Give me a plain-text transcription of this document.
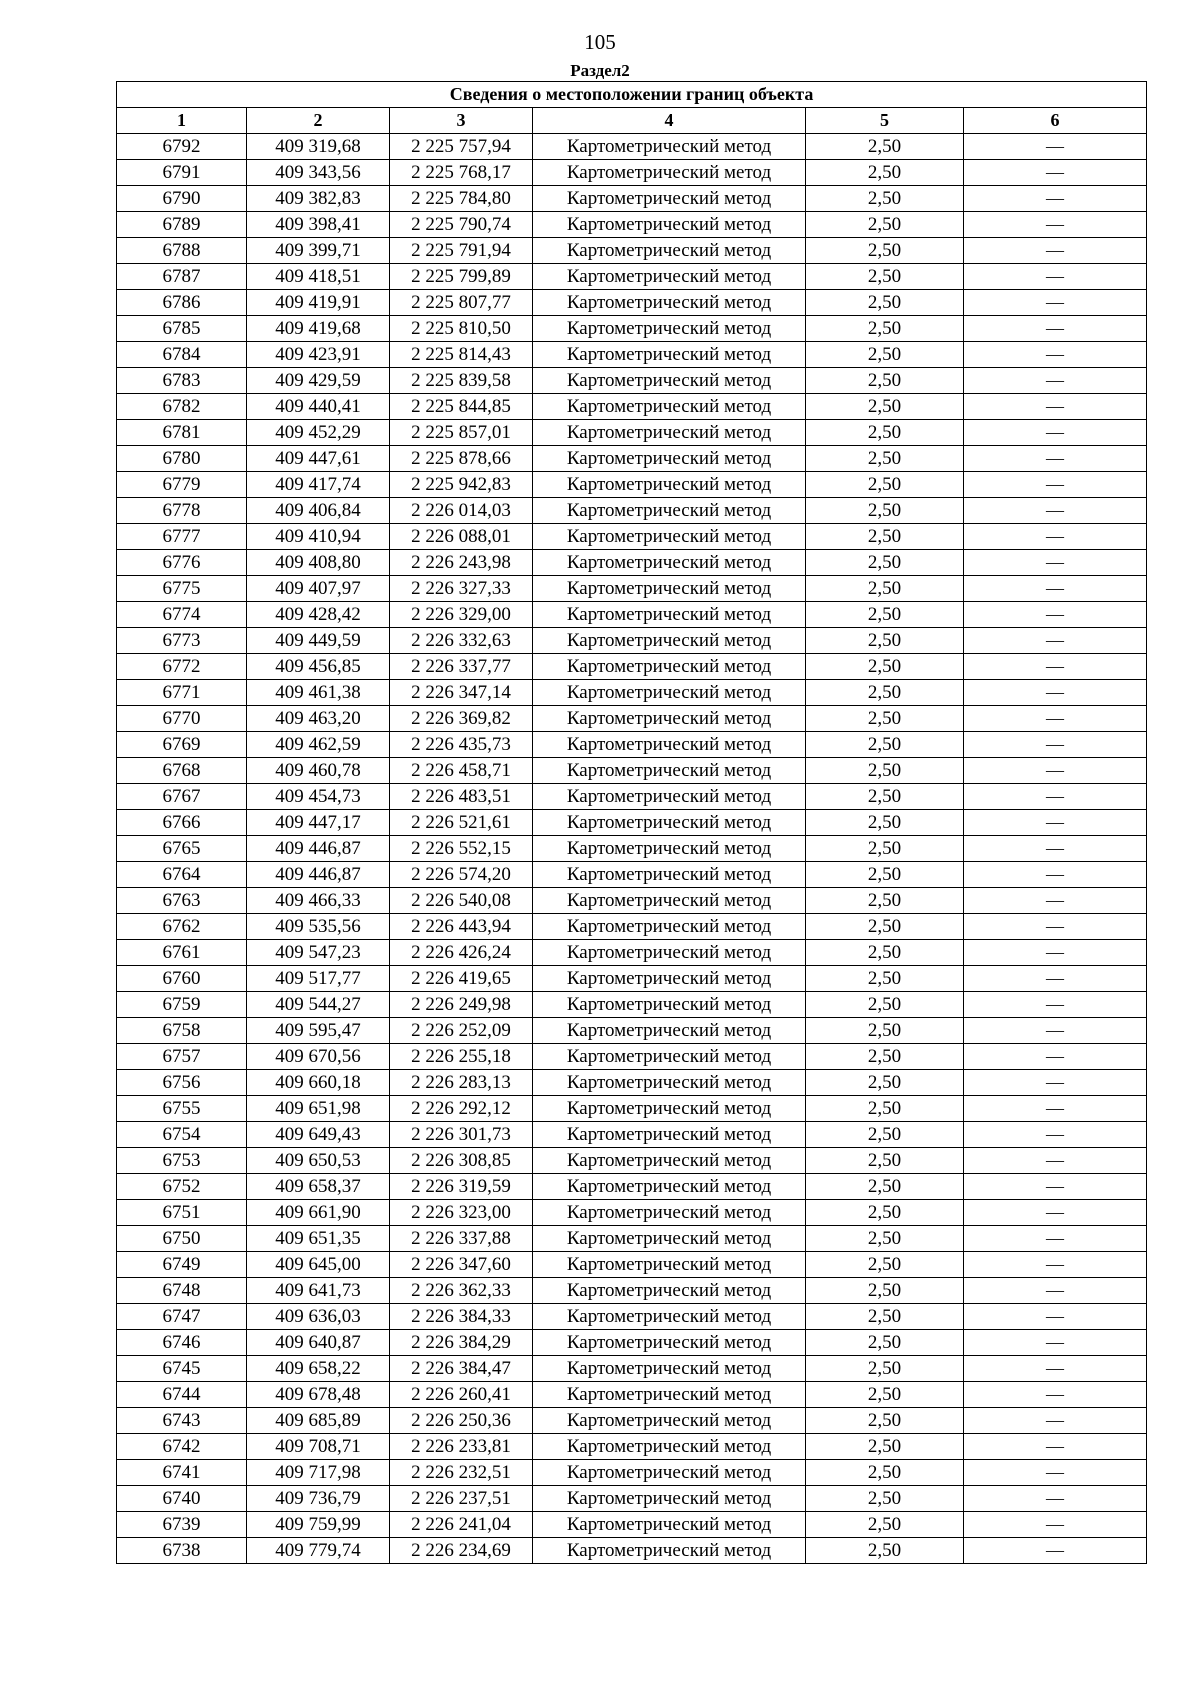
105
Раздел2
Сведения о местоположении границ объекта					
1	2	3	4	5	6
6792	409 319,68	2 225 757,94	Картометрический метод	2,50	—
6791	409 343,56	2 225 768,17	Картометрический метод	2,50	—
6790	409 382,83	2 225 784,80	Картометрический метод	2,50	—
6789	409 398,41	2 225 790,74	Картометрический метод	2,50	—
6788	409 399,71	2 225 791,94	Картометрический метод	2,50	—
6787	409 418,51	2 225 799,89	Картометрический метод	2,50	—
6786	409 419,91	2 225 807,77	Картометрический метод	2,50	—
6785	409 419,68	2 225 810,50	Картометрический метод	2,50	—
6784	409 423,91	2 225 814,43	Картометрический метод	2,50	—
6783	409 429,59	2 225 839,58	Картометрический метод	2,50	—
6782	409 440,41	2 225 844,85	Картометрический метод	2,50	—
6781	409 452,29	2 225 857,01	Картометрический метод	2,50	—
6780	409 447,61	2 225 878,66	Картометрический метод	2,50	—
6779	409 417,74	2 225 942,83	Картометрический метод	2,50	—
6778	409 406,84	2 226 014,03	Картометрический метод	2,50	—
6777	409 410,94	2 226 088,01	Картометрический метод	2,50	—
6776	409 408,80	2 226 243,98	Картометрический метод	2,50	—
6775	409 407,97	2 226 327,33	Картометрический метод	2,50	—
6774	409 428,42	2 226 329,00	Картометрический метод	2,50	—
6773	409 449,59	2 226 332,63	Картометрический метод	2,50	—
6772	409 456,85	2 226 337,77	Картометрический метод	2,50	—
6771	409 461,38	2 226 347,14	Картометрический метод	2,50	—
6770	409 463,20	2 226 369,82	Картометрический метод	2,50	—
6769	409 462,59	2 226 435,73	Картометрический метод	2,50	—
6768	409 460,78	2 226 458,71	Картометрический метод	2,50	—
6767	409 454,73	2 226 483,51	Картометрический метод	2,50	—
6766	409 447,17	2 226 521,61	Картометрический метод	2,50	—
6765	409 446,87	2 226 552,15	Картометрический метод	2,50	—
6764	409 446,87	2 226 574,20	Картометрический метод	2,50	—
6763	409 466,33	2 226 540,08	Картометрический метод	2,50	—
6762	409 535,56	2 226 443,94	Картометрический метод	2,50	—
6761	409 547,23	2 226 426,24	Картометрический метод	2,50	—
6760	409 517,77	2 226 419,65	Картометрический метод	2,50	—
6759	409 544,27	2 226 249,98	Картометрический метод	2,50	—
6758	409 595,47	2 226 252,09	Картометрический метод	2,50	—
6757	409 670,56	2 226 255,18	Картометрический метод	2,50	—
6756	409 660,18	2 226 283,13	Картометрический метод	2,50	—
6755	409 651,98	2 226 292,12	Картометрический метод	2,50	—
6754	409 649,43	2 226 301,73	Картометрический метод	2,50	—
6753	409 650,53	2 226 308,85	Картометрический метод	2,50	—
6752	409 658,37	2 226 319,59	Картометрический метод	2,50	—
6751	409 661,90	2 226 323,00	Картометрический метод	2,50	—
6750	409 651,35	2 226 337,88	Картометрический метод	2,50	—
6749	409 645,00	2 226 347,60	Картометрический метод	2,50	—
6748	409 641,73	2 226 362,33	Картометрический метод	2,50	—
6747	409 636,03	2 226 384,33	Картометрический метод	2,50	—
6746	409 640,87	2 226 384,29	Картометрический метод	2,50	—
6745	409 658,22	2 226 384,47	Картометрический метод	2,50	—
6744	409 678,48	2 226 260,41	Картометрический метод	2,50	—
6743	409 685,89	2 226 250,36	Картометрический метод	2,50	—
6742	409 708,71	2 226 233,81	Картометрический метод	2,50	—
6741	409 717,98	2 226 232,51	Картометрический метод	2,50	—
6740	409 736,79	2 226 237,51	Картометрический метод	2,50	—
6739	409 759,99	2 226 241,04	Картометрический метод	2,50	—
6738	409 779,74	2 226 234,69	Картометрический метод	2,50	—
